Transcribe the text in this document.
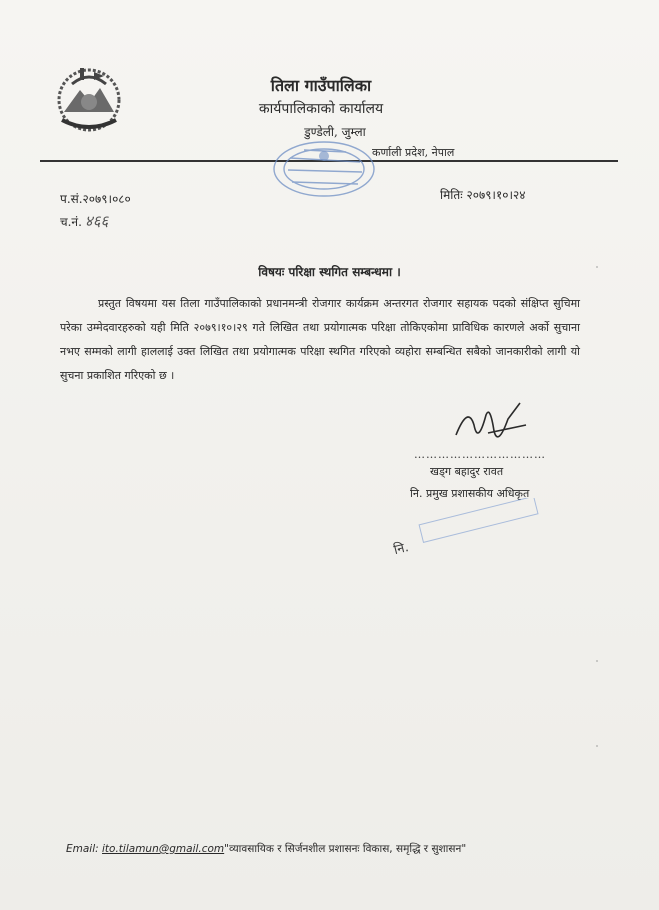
तिला गाउँपालिका
कार्यपालिकाको कार्यालय
डुण्डेली, जुम्ला
कर्णाली प्रदेश, नेपाल
प.सं.२०७९।०८०
च.नं. ४६६
मितिः २०७९।१०।२४
विषयः परिक्षा स्थगित सम्बन्धमा ।
प्रस्तुत विषयमा यस तिला गाउँपालिकाको प्रधानमन्त्री रोजगार कार्यक्रम अन्तरगत रोजगार सहायक पदको संक्षिप्त सुचिमा परेका उम्मेदवारहरुको यही मिति २०७९।१०।२९ गते लिखित तथा प्रयोगात्मक परिक्षा तोकिएकोमा प्राविधिक कारणले अर्को सुचाना नभए सम्मको लागी हाललाई उक्त लिखित तथा प्रयोगात्मक परिक्षा स्थगित गरिएको व्यहोरा सम्बन्धित सबैको जानकारीको लागी यो सुचना प्रकाशित गरिएको छ ।
……………………………
खड्ग बहादुर रावत
नि. प्रमुख प्रशासकीय अधिकृत
नि.
Email: ito.tilamun@gmail.com"व्यावसायिक र सिर्जनशील प्रशासनः विकास, समृद्धि र सुशासन"
